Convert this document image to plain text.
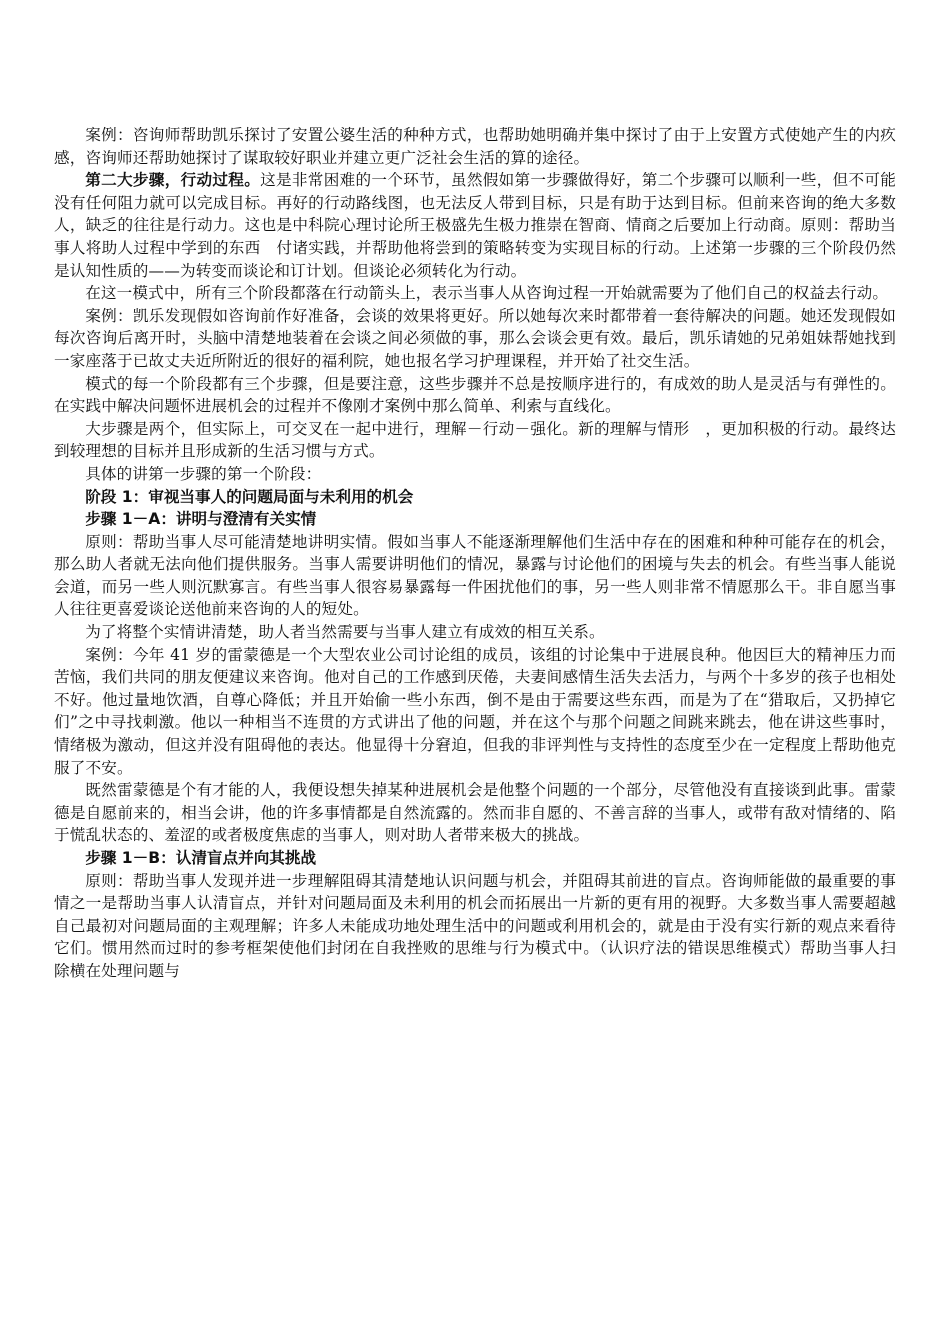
案例：咨询师帮助凯乐探讨了安置公婆生活的种种方式，也帮助她明确并集中探讨了由于上安置方式使她产生的内疚感，咨询师还帮助她探讨了谋取较好职业并建立更广泛社会生活的算的途径。

第二大步骤，行动过程。这是非常困难的一个环节，虽然假如第一步骤做得好，第二个步骤可以顺利一些，但不可能没有任何阻力就可以完成目标。再好的行动路线图，也无法反人带到目标，只是有助于达到目标。但前来咨询的绝大多数人，缺乏的往往是行动力。这也是中科院心理讨论所王极盛先生极力推崇在智商、情商之后要加上行动商。原则：帮助当事人将助人过程中学到的东西　付诸实践，并帮助他将尝到的策略转变为实现目标的行动。上述第一步骤的三个阶段仍然是认知性质的——为转变而谈论和订计划。但谈论必须转化为行动。

在这一模式中，所有三个阶段都落在行动箭头上，表示当事人从咨询过程一开始就需要为了他们自己的权益去行动。

案例：凯乐发现假如咨询前作好准备，会谈的效果将更好。所以她每次来时都带着一套待解决的问题。她还发现假如每次咨询后离开时，头脑中清楚地装着在会谈之间必须做的事，那么会谈会更有效。最后，凯乐请她的兄弟姐妹帮她找到一家座落于已故丈夫近所附近的很好的福利院，她也报名学习护理课程，并开始了社交生活。

模式的每一个阶段都有三个步骤，但是要注意，这些步骤并不总是按顺序进行的，有成效的助人是灵活与有弹性的。在实践中解决问题怀进展机会的过程并不像刚才案例中那么简单、利索与直线化。

大步骤是两个，但实际上，可交叉在一起中进行，理解－行动－强化。新的理解与情形　，更加积极的行动。最终达到较理想的目标并且形成新的生活习惯与方式。

具体的讲第一步骤的第一个阶段：

阶段 1：审视当事人的问题局面与未利用的机会

步骤 1－A：讲明与澄清有关实情

原则：帮助当事人尽可能清楚地讲明实情。假如当事人不能逐渐理解他们生活中存在的困难和种种可能存在的机会，那么助人者就无法向他们提供服务。当事人需要讲明他们的情况，暴露与讨论他们的困境与失去的机会。有些当事人能说会道，而另一些人则沉默寡言。有些当事人很容易暴露每一件困扰他们的事，另一些人则非常不情愿那么干。非自愿当事人往往更喜爱谈论送他前来咨询的人的短处。

为了将整个实情讲清楚，助人者当然需要与当事人建立有成效的相互关系。

案例：今年 41 岁的雷蒙德是一个大型农业公司讨论组的成员，该组的讨论集中于进展良种。他因巨大的精神压力而苦恼，我们共同的朋友便建议来咨询。他对自己的工作感到厌倦，夫妻间感情生活失去活力，与两个十多岁的孩子也相处不好。他过量地饮酒，自尊心降低；并且开始偷一些小东西，倒不是由于需要这些东西，而是为了在“猎取后，又扔掉它们”之中寻找刺激。他以一种相当不连贯的方式讲出了他的问题，并在这个与那个问题之间跳来跳去，他在讲这些事时，情绪极为激动，但这并没有阻碍他的表达。他显得十分窘迫，但我的非评判性与支持性的态度至少在一定程度上帮助他克服了不安。

既然雷蒙德是个有才能的人，我便设想失掉某种进展机会是他整个问题的一个部分，尽管他没有直接谈到此事。雷蒙德是自愿前来的，相当会讲，他的许多事情都是自然流露的。然而非自愿的、不善言辞的当事人，或带有敌对情绪的、陷于慌乱状态的、羞涩的或者极度焦虑的当事人，则对助人者带来极大的挑战。

步骤 1－B：认清盲点并向其挑战

原则：帮助当事人发现并进一步理解阻碍其清楚地认识问题与机会，并阻碍其前进的盲点。咨询师能做的最重要的事情之一是帮助当事人认清盲点，并针对问题局面及未利用的机会而拓展出一片新的更有用的视野。大多数当事人需要超越自己最初对问题局面的主观理解；许多人未能成功地处理生活中的问题或利用机会的，就是由于没有实行新的观点来看待它们。惯用然而过时的参考框架使他们封闭在自我挫败的思维与行为模式中。（认识疗法的错误思维模式）帮助当事人扫除横在处理问题与
